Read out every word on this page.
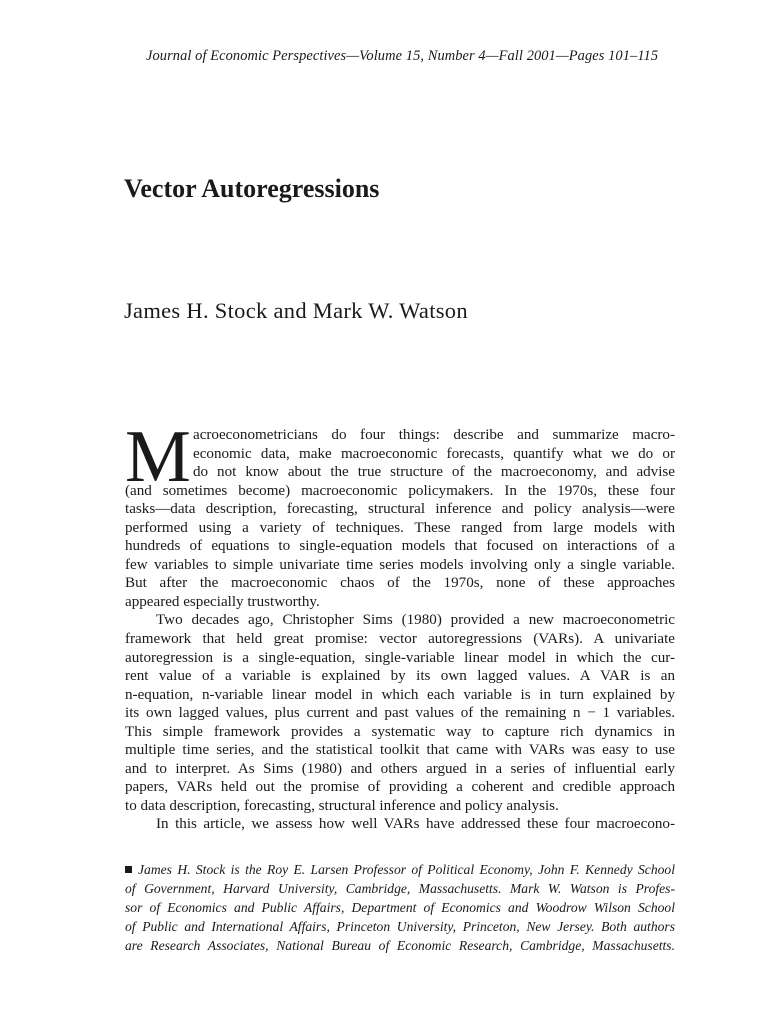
Journal of Economic Perspectives—Volume 15, Number 4—Fall 2001—Pages 101–115
Vector Autoregressions
James H. Stock and Mark W. Watson
M acroeconometricians do four things: describe and summarize macro-
economic data, make macroeconomic forecasts, quantify what we do or
do not know about the true structure of the macroeconomy, and advise
(and sometimes become) macroeconomic policymakers. In the 1970s, these four
tasks—data description, forecasting, structural inference and policy analysis—were
performed using a variety of techniques. These ranged from large models with
hundreds of equations to single-equation models that focused on interactions of a
few variables to simple univariate time series models involving only a single variable.
But after the macroeconomic chaos of the 1970s, none of these approaches
appeared especially trustworthy.
Two decades ago, Christopher Sims (1980) provided a new macroeconometric
framework that held great promise: vector autoregressions (VARs). A univariate
autoregression is a single-equation, single-variable linear model in which the cur-
rent value of a variable is explained by its own lagged values. A VAR is an
n-equation, n-variable linear model in which each variable is in turn explained by
its own lagged values, plus current and past values of the remaining n − 1 variables.
This simple framework provides a systematic way to capture rich dynamics in
multiple time series, and the statistical toolkit that came with VARs was easy to use
and to interpret. As Sims (1980) and others argued in a series of influential early
papers, VARs held out the promise of providing a coherent and credible approach
to data description, forecasting, structural inference and policy analysis.
In this article, we assess how well VARs have addressed these four macroecono-
James H. Stock is the Roy E. Larsen Professor of Political Economy, John F. Kennedy School
of Government, Harvard University, Cambridge, Massachusetts. Mark W. Watson is Profes-
sor of Economics and Public Affairs, Department of Economics and Woodrow Wilson School
of Public and International Affairs, Princeton University, Princeton, New Jersey. Both authors
are Research Associates, National Bureau of Economic Research, Cambridge, Massachusetts.
